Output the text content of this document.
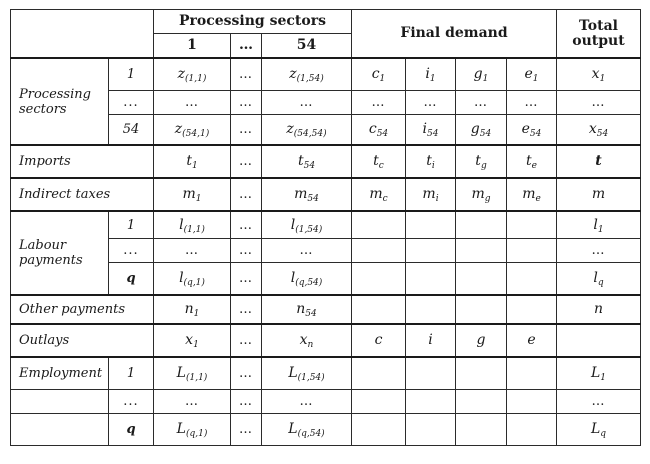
		Processing sectors			Final demand				Total
output
		1	…	54					
Processing sectors	1	$z_{(1,1)}$	…	$z_{(1,54)}$	$c_1$	$i_1$	$g_1$	$e_1$	$x_1$
	...	…	…	…	…	…	…	…	…
	54	$z_{(54,1)}$	…	$z_{(54,54)}$	$c_{54}$	$i_{54}$	$g_{54}$	$e_{54}$	$x_{54}$
Imports		$t_1$	…	$t_{54}$	$t_c$	$t_i$	$t_g$	$t_e$	t
Indirect taxes		$m_1$	…	$m_{54}$	$m_c$	$m_i$	$m_g$	$m_e$	m
Labour payments	1	$l_{(1,1)}$	…	$l_{(1,54)}$					$l_1$
	...	…	…	…					…
	q	$l_{(q,1)}$	…	$l_{(q,54)}$					$l_q$
Other payments		$n_1$	…	$n_{54}$					n
Outlays		$x_1$	…	$x_n$	c	i	g	e	
Employment	1	$L_{(1,1)}$	…	$L_{(1,54)}$					$L_1$
	...	…	…	…					…
	q	$L_{(q,1)}$	…	$L_{(q,54)}$					$L_q$
